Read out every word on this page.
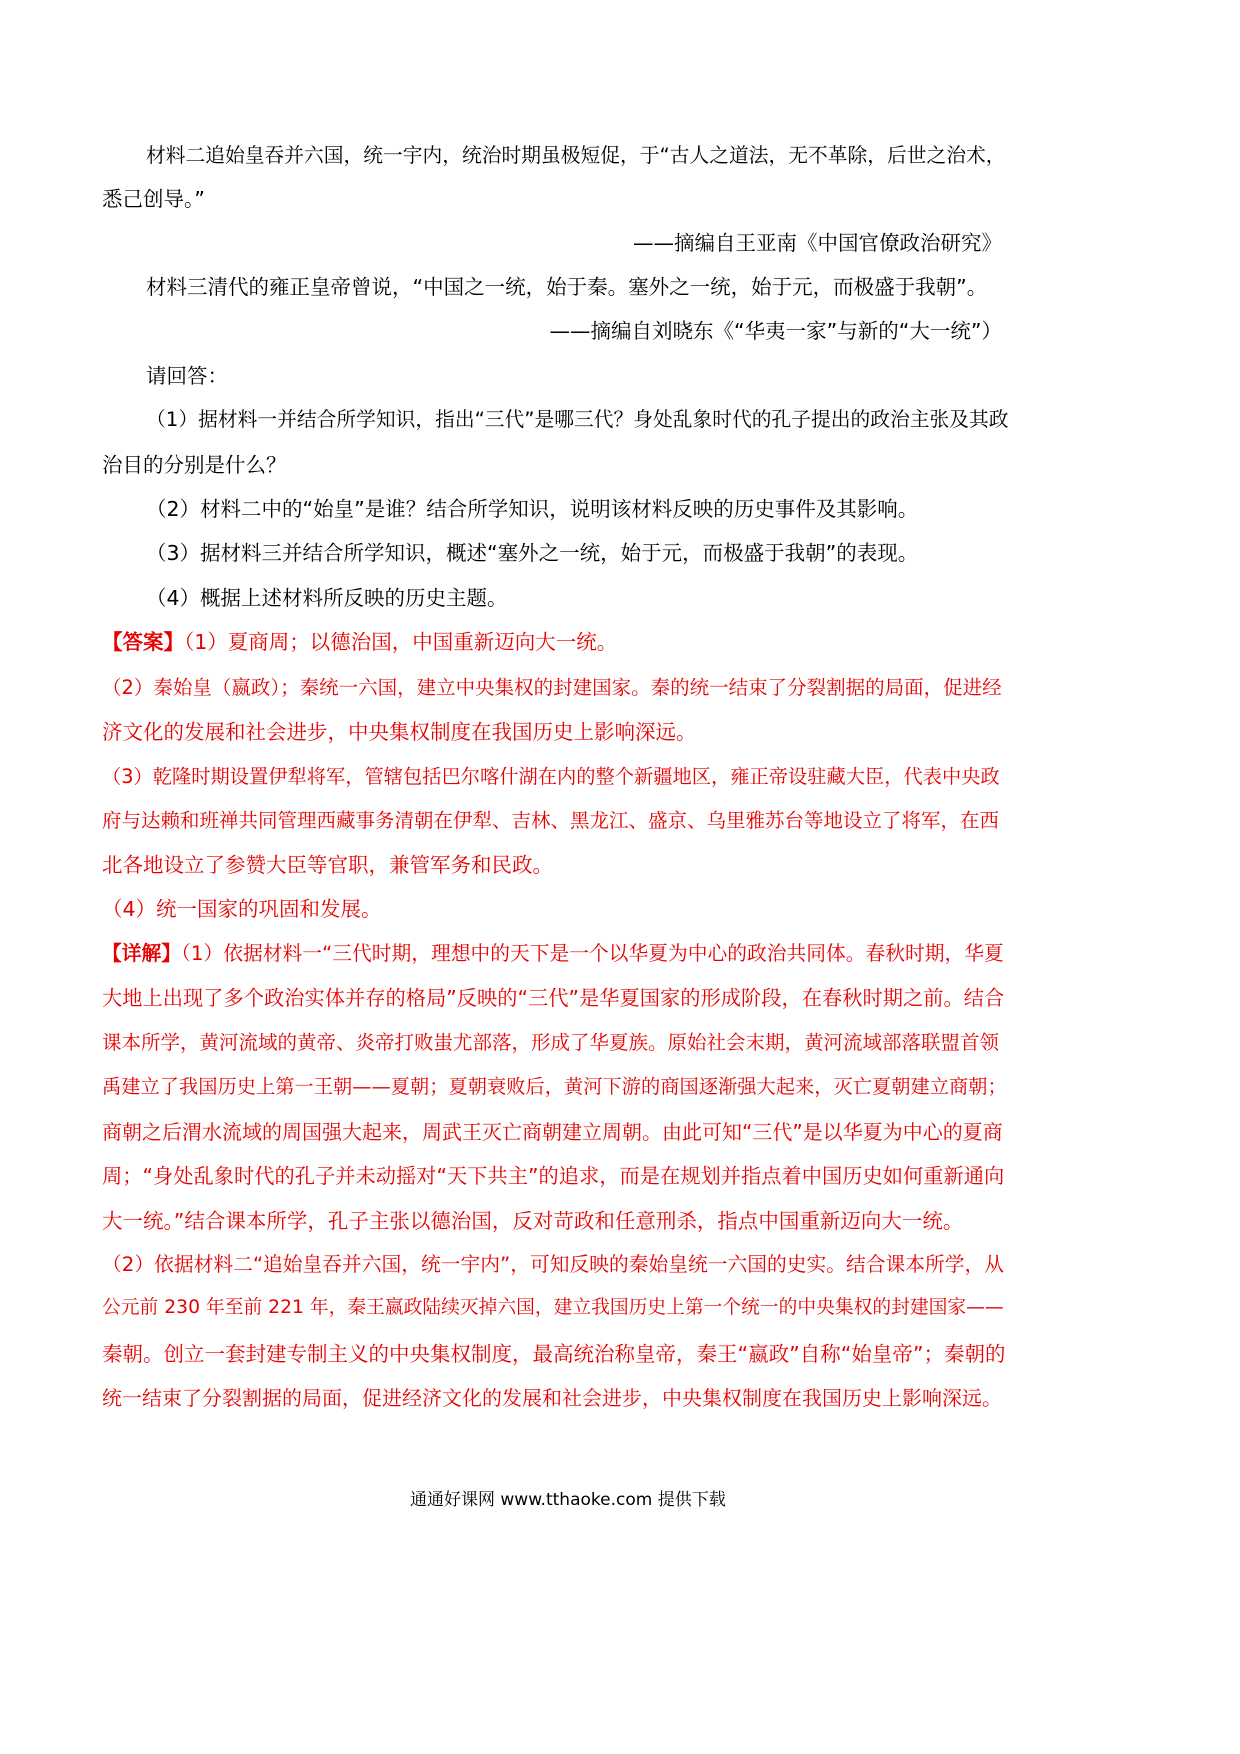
材料二追始皇吞并六国，统一宇内，统治时期虽极短促，于“古人之道法，无不革除，后世之治术，
悉己创导。”
——摘编自王亚南《中国官僚政治研究》
材料三清代的雍正皇帝曾说，“中国之一统，始于秦。塞外之一统，始于元，而极盛于我朝”。
——摘编自刘晓东《“华夷一家”与新的“大一统”）
请回答：
（1）据材料一并结合所学知识，指出“三代”是哪三代？身处乱象时代的孔子提出的政治主张及其政
治目的分别是什么？
（2）材料二中的“始皇”是谁？结合所学知识，说明该材料反映的历史事件及其影响。
（3）据材料三并结合所学知识，概述“塞外之一统，始于元，而极盛于我朝”的表现。
（4）概据上述材料所反映的历史主题。
【答案】（1）夏商周；以德治国，中国重新迈向大一统。
（2）秦始皇（嬴政）；秦统一六国，建立中央集权的封建国家。秦的统一结束了分裂割据的局面，促进经
济文化的发展和社会进步，中央集权制度在我国历史上影响深远。
（3）乾隆时期设置伊犁将军，管辖包括巴尔喀什湖在内的整个新疆地区，雍正帝设驻藏大臣，代表中央政
府与达赖和班禅共同管理西藏事务清朝在伊犁、吉林、黑龙江、盛京、乌里雅苏台等地设立了将军，在西
北各地设立了参赞大臣等官职，兼管军务和民政。
（4）统一国家的巩固和发展。
【详解】（1）依据材料一“三代时期，理想中的天下是一个以华夏为中心的政治共同体。春秋时期，华夏
大地上出现了多个政治实体并存的格局”反映的“三代”是华夏国家的形成阶段，在春秋时期之前。结合
课本所学，黄河流域的黄帝、炎帝打败蚩尤部落，形成了华夏族。原始社会末期，黄河流域部落联盟首领
禹建立了我国历史上第一王朝——夏朝；夏朝衰败后，黄河下游的商国逐渐强大起来，灭亡夏朝建立商朝；
商朝之后渭水流域的周国强大起来，周武王灭亡商朝建立周朝。由此可知“三代”是以华夏为中心的夏商
周；“身处乱象时代的孔子并未动摇对“天下共主”的追求，而是在规划并指点着中国历史如何重新通向
大一统。”结合课本所学，孔子主张以德治国，反对苛政和任意刑杀，指点中国重新迈向大一统。
（2）依据材料二“追始皇吞并六国，统一宇内”，可知反映的秦始皇统一六国的史实。结合课本所学，从
公元前 230 年至前 221 年，秦王嬴政陆续灭掉六国，建立我国历史上第一个统一的中央集权的封建国家——
秦朝。创立一套封建专制主义的中央集权制度，最高统治称皇帝，秦王“嬴政”自称“始皇帝”；秦朝的
统一结束了分裂割据的局面，促进经济文化的发展和社会进步，中央集权制度在我国历史上影响深远。
通通好课网 www.tthaoke.com 提供下载
